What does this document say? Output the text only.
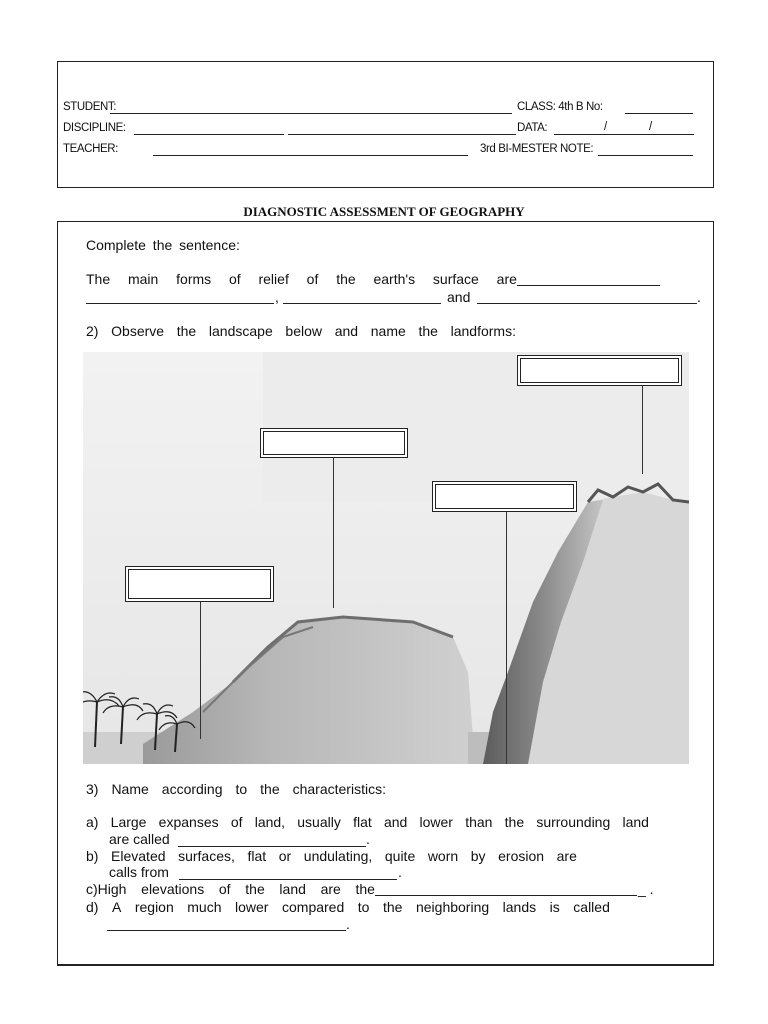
STUDENT:	CLASS: 4th B No:
DISCIPLINE:	DATA:	/	/
TEACHER:	3rd BI-MESTER NOTE:
DIAGNOSTIC ASSESSMENT OF GEOGRAPHY
Complete the sentence:
The main forms of relief of the earth's surface are
,	and	.
2) Observe the landscape below and name the landforms:
3) Name according to the characteristics:
a) Large expanses of land, usually flat and lower than the surrounding land
are called	.
b) Elevated surfaces, flat or undulating, quite worn by erosion are
calls from	.
c)High elevations of the land are the	_ .
d) A region much lower compared to the neighboring lands is called
.
